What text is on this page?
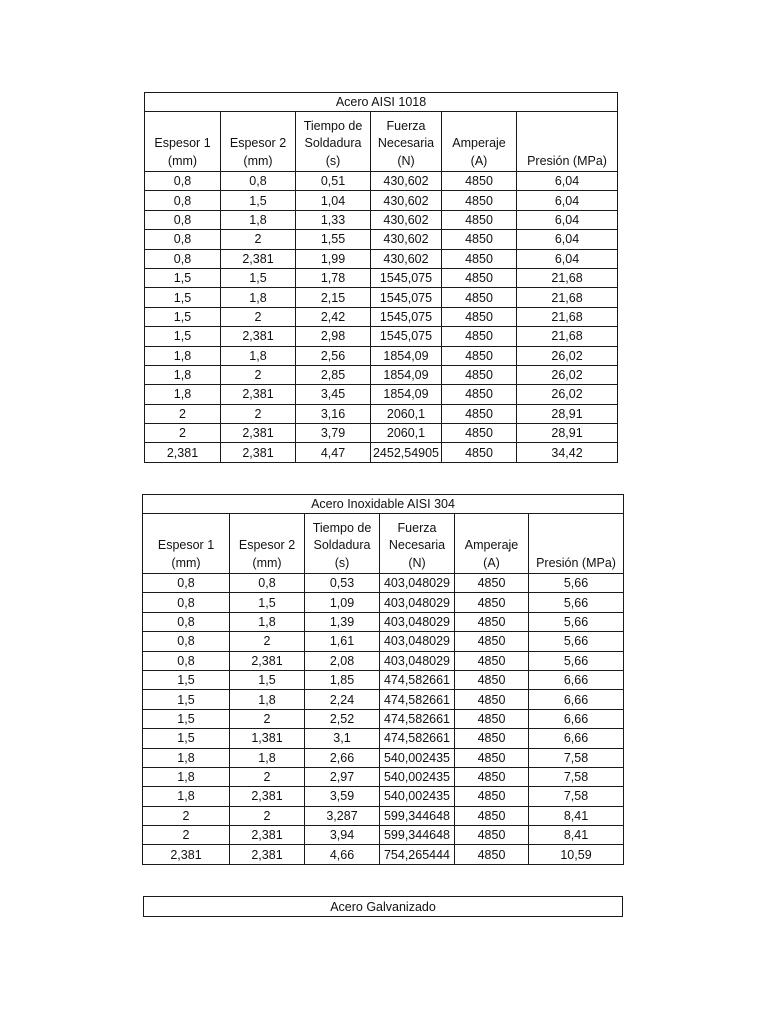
Acero AISI 1018					

Espesor 1
(mm)	Espesor 2
(mm)	Tiempo de
Soldadura
(s)	Fuerza
Necesaria
(N)	Amperaje
(A)	Presión (MPa)

0,8	0,8	0,51	430,602	4850	6,04
0,8	1,5	1,04	430,602	4850	6,04
0,8	1,8	1,33	430,602	4850	6,04
0,8	2	1,55	430,602	4850	6,04
0,8	2,381	1,99	430,602	4850	6,04
1,5	1,5	1,78	1545,075	4850	21,68
1,5	1,8	2,15	1545,075	4850	21,68
1,5	2	2,42	1545,075	4850	21,68
1,5	2,381	2,98	1545,075	4850	21,68
1,8	1,8	2,56	1854,09	4850	26,02
1,8	2	2,85	1854,09	4850	26,02
1,8	2,381	3,45	1854,09	4850	26,02
2	2	3,16	2060,1	4850	28,91
2	2,381	3,79	2060,1	4850	28,91
2,381	2,381	4,47	2452,54905	4850	34,42
Acero Inoxidable AISI 304					

Espesor 1
(mm)	Espesor 2
(mm)	Tiempo de
Soldadura
(s)	Fuerza
Necesaria
(N)	Amperaje
(A)	Presión (MPa)

0,8	0,8	0,53	403,048029	4850	5,66
0,8	1,5	1,09	403,048029	4850	5,66
0,8	1,8	1,39	403,048029	4850	5,66
0,8	2	1,61	403,048029	4850	5,66
0,8	2,381	2,08	403,048029	4850	5,66
1,5	1,5	1,85	474,582661	4850	6,66
1,5	1,8	2,24	474,582661	4850	6,66
1,5	2	2,52	474,582661	4850	6,66
1,5	1,381	3,1	474,582661	4850	6,66
1,8	1,8	2,66	540,002435	4850	7,58
1,8	2	2,97	540,002435	4850	7,58
1,8	2,381	3,59	540,002435	4850	7,58
2	2	3,287	599,344648	4850	8,41
2	2,381	3,94	599,344648	4850	8,41
2,381	2,381	4,66	754,265444	4850	10,59
Acero Galvanizado
